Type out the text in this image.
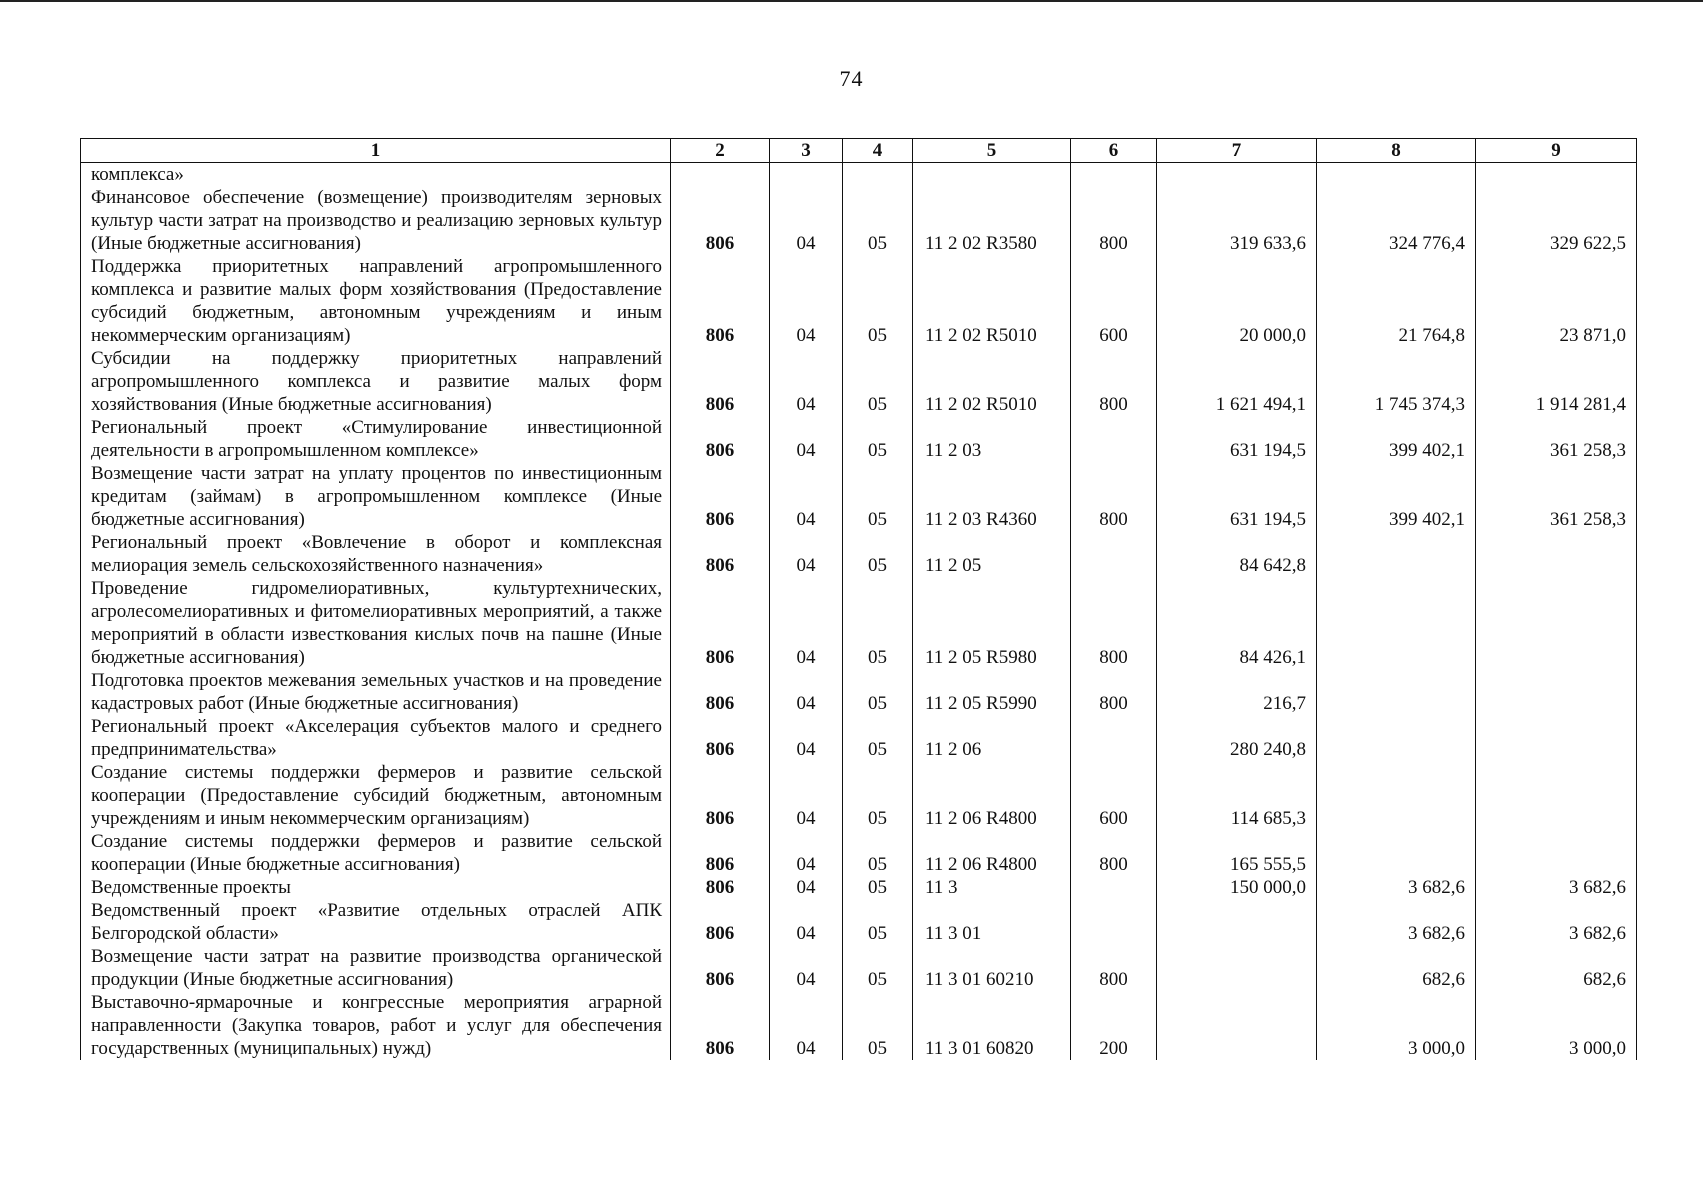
74
1	2	3	4	5	6	7	8	9
комплекса»								
Финансовое обеспечение (возмещение) производителям зерновых культур части затрат на производство и реализацию зерновых культур (Иные бюджетные ассигнования)	806	04	05	11 2 02 R3580	800	319 633,6	324 776,4	329 622,5
Поддержка приоритетных направлений агропромышленного комплекса и развитие малых форм хозяйствования (Предоставление субсидий бюджетным, автономным учреждениям и иным некоммерческим организациям)	806	04	05	11 2 02 R5010	600	20 000,0	21 764,8	23 871,0
Субсидии на поддержку приоритетных направлений агропромышленного комплекса и развитие малых форм хозяйствования (Иные бюджетные ассигнования)	806	04	05	11 2 02 R5010	800	1 621 494,1	1 745 374,3	1 914 281,4
Региональный проект «Стимулирование инвестиционной деятельности в агропромышленном комплексе»	806	04	05	11 2 03		631 194,5	399 402,1	361 258,3
Возмещение части затрат на уплату процентов по инвестиционным кредитам (займам) в агропромышленном комплексе (Иные бюджетные ассигнования)	806	04	05	11 2 03 R4360	800	631 194,5	399 402,1	361 258,3
Региональный проект «Вовлечение в оборот и комплексная мелиорация земель сельскохозяйственного назначения»	806	04	05	11 2 05		84 642,8		
Проведение гидромелиоративных, культуртехнических, агролесомелиоративных и фитомелиоративных мероприятий, а также мероприятий в области известкования кислых почв на пашне (Иные бюджетные ассигнования)	806	04	05	11 2 05 R5980	800	84 426,1		
Подготовка проектов межевания земельных участков и на проведение кадастровых работ (Иные бюджетные ассигнования)	806	04	05	11 2 05 R5990	800	216,7		
Региональный проект «Акселерация субъектов малого и среднего предпринимательства»	806	04	05	11 2 06		280 240,8		
Создание системы поддержки фермеров и развитие сельской кооперации (Предоставление субсидий бюджетным, автономным учреждениям и иным некоммерческим организациям)	806	04	05	11 2 06 R4800	600	114 685,3		
Создание системы поддержки фермеров и развитие сельской кооперации (Иные бюджетные ассигнования)	806	04	05	11 2 06 R4800	800	165 555,5		
Ведомственные проекты	806	04	05	11 3		150 000,0	3 682,6	3 682,6
Ведомственный проект «Развитие отдельных отраслей АПК Белгородской области»	806	04	05	11 3 01			3 682,6	3 682,6
Возмещение части затрат на развитие производства органической продукции (Иные бюджетные ассигнования)	806	04	05	11 3 01 60210	800		682,6	682,6
Выставочно-ярмарочные и конгрессные мероприятия аграрной направленности (Закупка товаров, работ и услуг для обеспечения государственных (муниципальных) нужд)	806	04	05	11 3 01 60820	200		3 000,0	3 000,0
